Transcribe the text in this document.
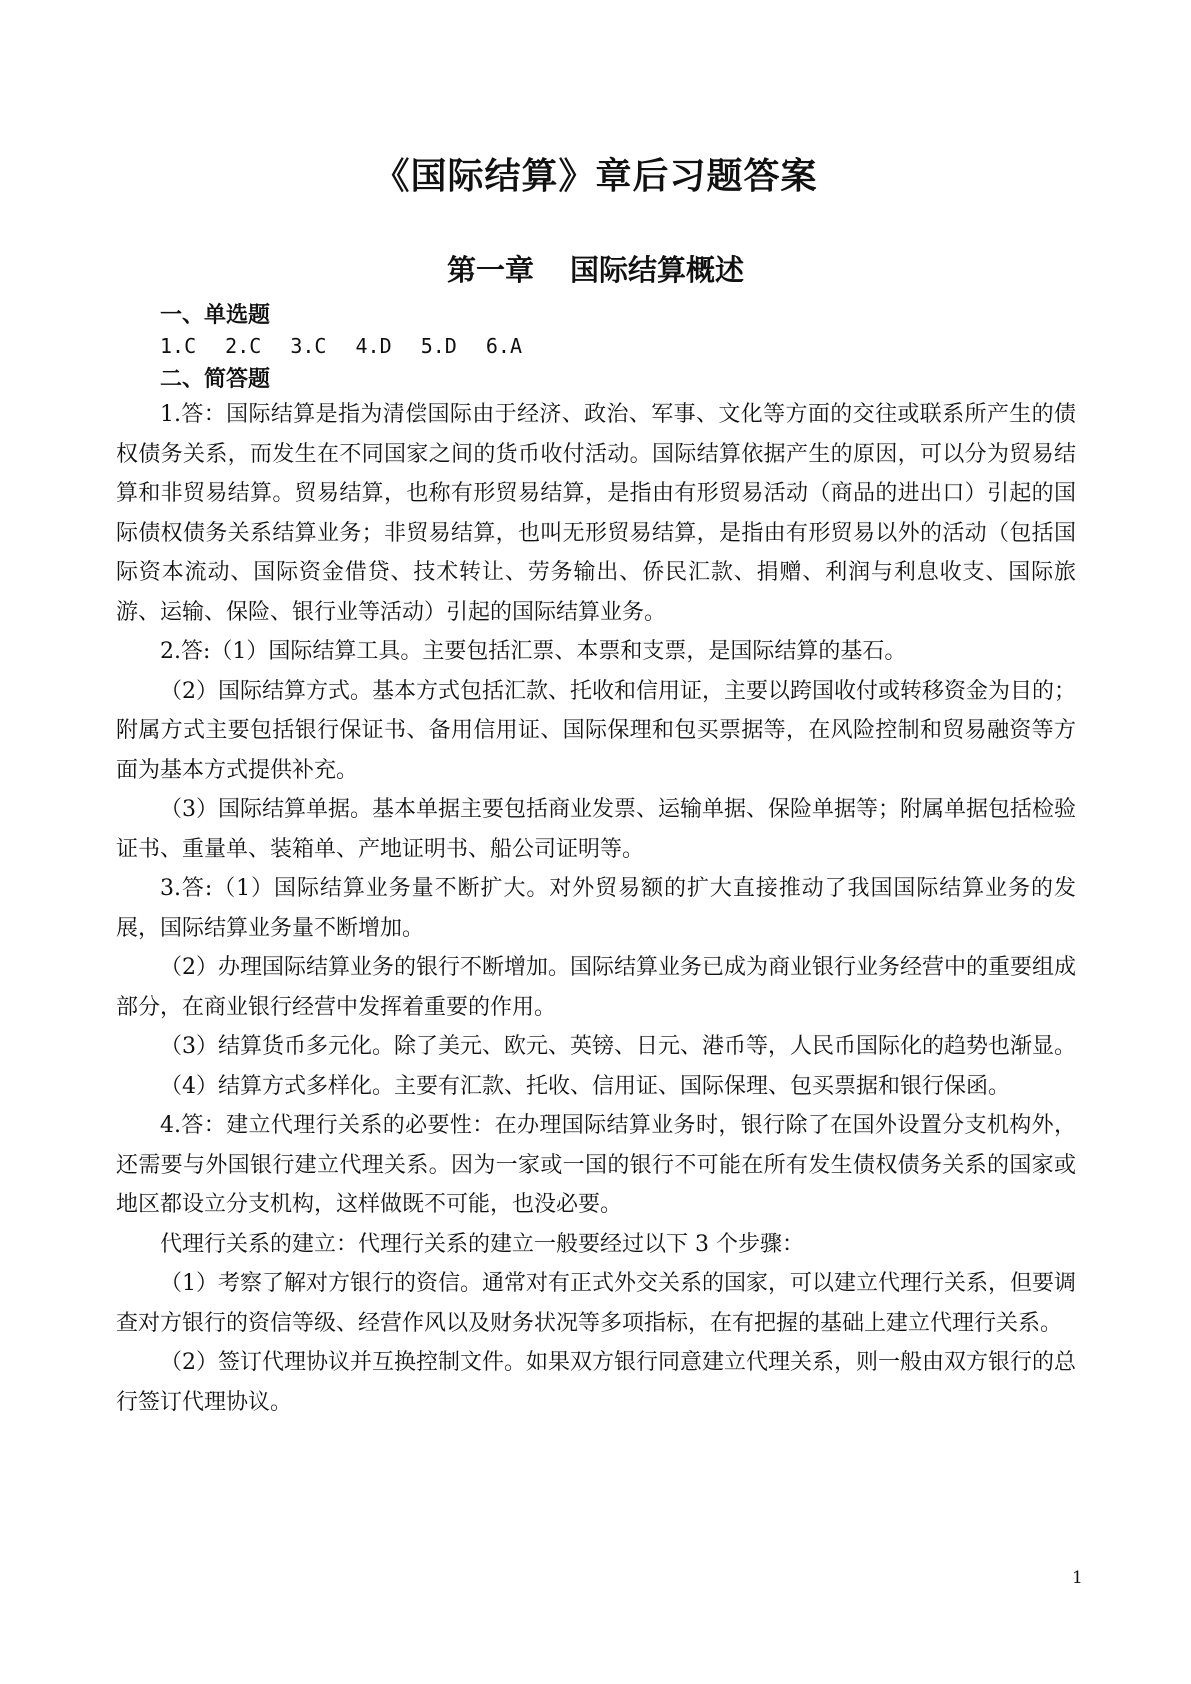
《国际结算》章后习题答案
第一章 国际结算概述
一、单选题
1.C 2.C 3.C 4.D 5.D 6.A
二、简答题

1.答：国际结算是指为清偿国际由于经济、政治、军事、文化等方面的交往或联系所产生的债权债务关系，而发生在不同国家之间的货币收付活动。国际结算依据产生的原因，可以分为贸易结算和非贸易结算。贸易结算，也称有形贸易结算，是指由有形贸易活动（商品的进出口）引起的国际债权债务关系结算业务；非贸易结算，也叫无形贸易结算，是指由有形贸易以外的活动（包括国际资本流动、国际资金借贷、技术转让、劳务输出、侨民汇款、捐赠、利润与利息收支、国际旅游、运输、保险、银行业等活动）引起的国际结算业务。

2.答:（1）国际结算工具。主要包括汇票、本票和支票，是国际结算的基石。

（2）国际结算方式。基本方式包括汇款、托收和信用证，主要以跨国收付或转移资金为目的；附属方式主要包括银行保证书、备用信用证、国际保理和包买票据等，在风险控制和贸易融资等方面为基本方式提供补充。

（3）国际结算单据。基本单据主要包括商业发票、运输单据、保险单据等；附属单据包括检验证书、重量单、装箱单、产地证明书、船公司证明等。

3.答:（1）国际结算业务量不断扩大。对外贸易额的扩大直接推动了我国国际结算业务的发展，国际结算业务量不断增加。

（2）办理国际结算业务的银行不断增加。国际结算业务已成为商业银行业务经营中的重要组成部分，在商业银行经营中发挥着重要的作用。

（3）结算货币多元化。除了美元、欧元、英镑、日元、港币等，人民币国际化的趋势也渐显。

（4）结算方式多样化。主要有汇款、托收、信用证、国际保理、包买票据和银行保函。

4.答：建立代理行关系的必要性：在办理国际结算业务时，银行除了在国外设置分支机构外，还需要与外国银行建立代理关系。因为一家或一国的银行不可能在所有发生债权债务关系的国家或地区都设立分支机构，这样做既不可能，也没必要。

代理行关系的建立：代理行关系的建立一般要经过以下 3 个步骤：

（1）考察了解对方银行的资信。通常对有正式外交关系的国家，可以建立代理行关系，但要调查对方银行的资信等级、经营作风以及财务状况等多项指标，在有把握的基础上建立代理行关系。

（2）签订代理协议并互换控制文件。如果双方银行同意建立代理关系，则一般由双方银行的总行签订代理协议。

1
